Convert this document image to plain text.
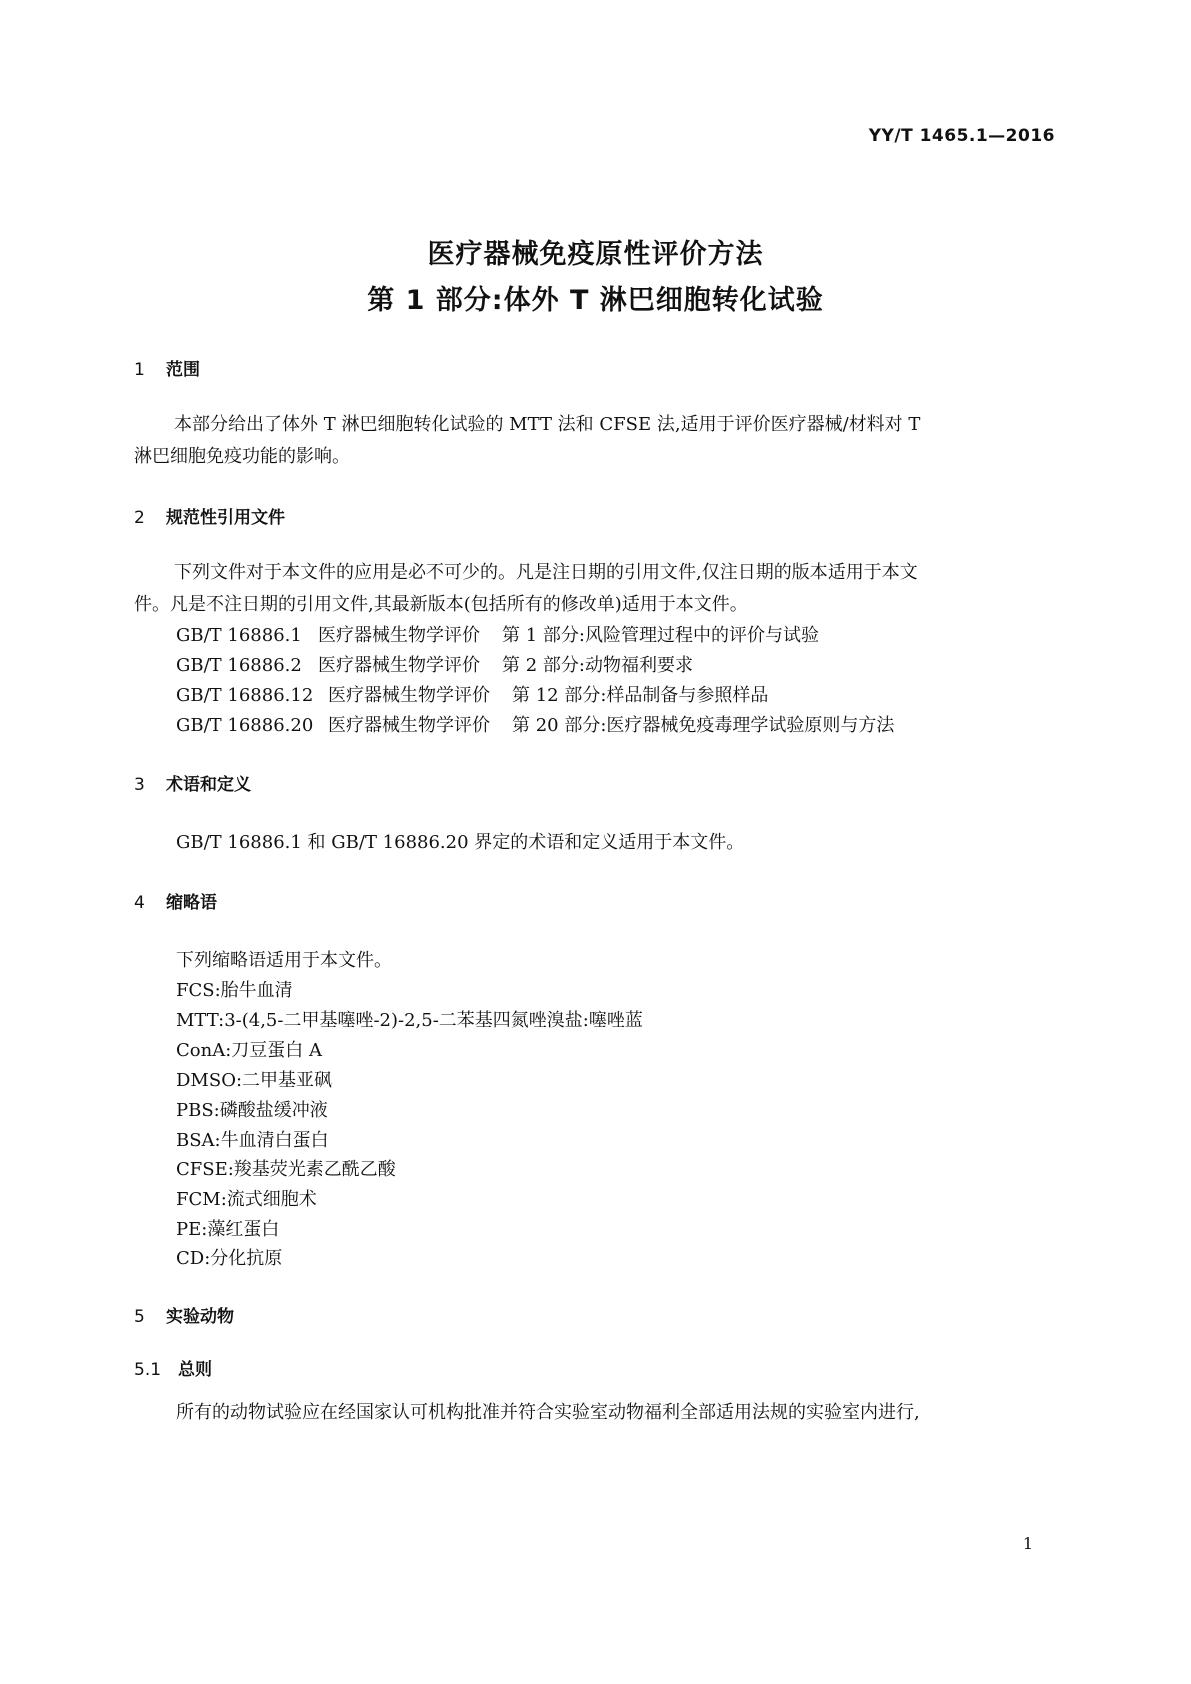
YY/T 1465.1—2016
医疗器械免疫原性评价方法
第 1 部分:体外 T 淋巴细胞转化试验
1 范围
本部分给出了体外 T 淋巴细胞转化试验的 MTT 法和 CFSE 法,适用于评价医疗器械/材料对 T
淋巴细胞免疫功能的影响。
2 规范性引用文件
下列文件对于本文件的应用是必不可少的。凡是注日期的引用文件,仅注日期的版本适用于本文
件。凡是不注日期的引用文件,其最新版本(包括所有的修改单)适用于本文件。
GB/T 16886.1 医疗器械生物学评价 第 1 部分:风险管理过程中的评价与试验
GB/T 16886.2 医疗器械生物学评价 第 2 部分:动物福利要求
GB/T 16886.12 医疗器械生物学评价 第 12 部分:样品制备与参照样品
GB/T 16886.20 医疗器械生物学评价 第 20 部分:医疗器械免疫毒理学试验原则与方法
3 术语和定义
GB/T 16886.1 和 GB/T 16886.20 界定的术语和定义适用于本文件。
4 缩略语
下列缩略语适用于本文件。
FCS:胎牛血清
MTT:3-(4,5-二甲基噻唑-2)-2,5-二苯基四氮唑溴盐:噻唑蓝
ConA:刀豆蛋白 A
DMSO:二甲基亚砜
PBS:磷酸盐缓冲液
BSA:牛血清白蛋白
CFSE:羧基荧光素乙酰乙酸
FCM:流式细胞术
PE:藻红蛋白
CD:分化抗原
5 实验动物
5.1 总则
所有的动物试验应在经国家认可机构批准并符合实验室动物福利全部适用法规的实验室内进行,
1
